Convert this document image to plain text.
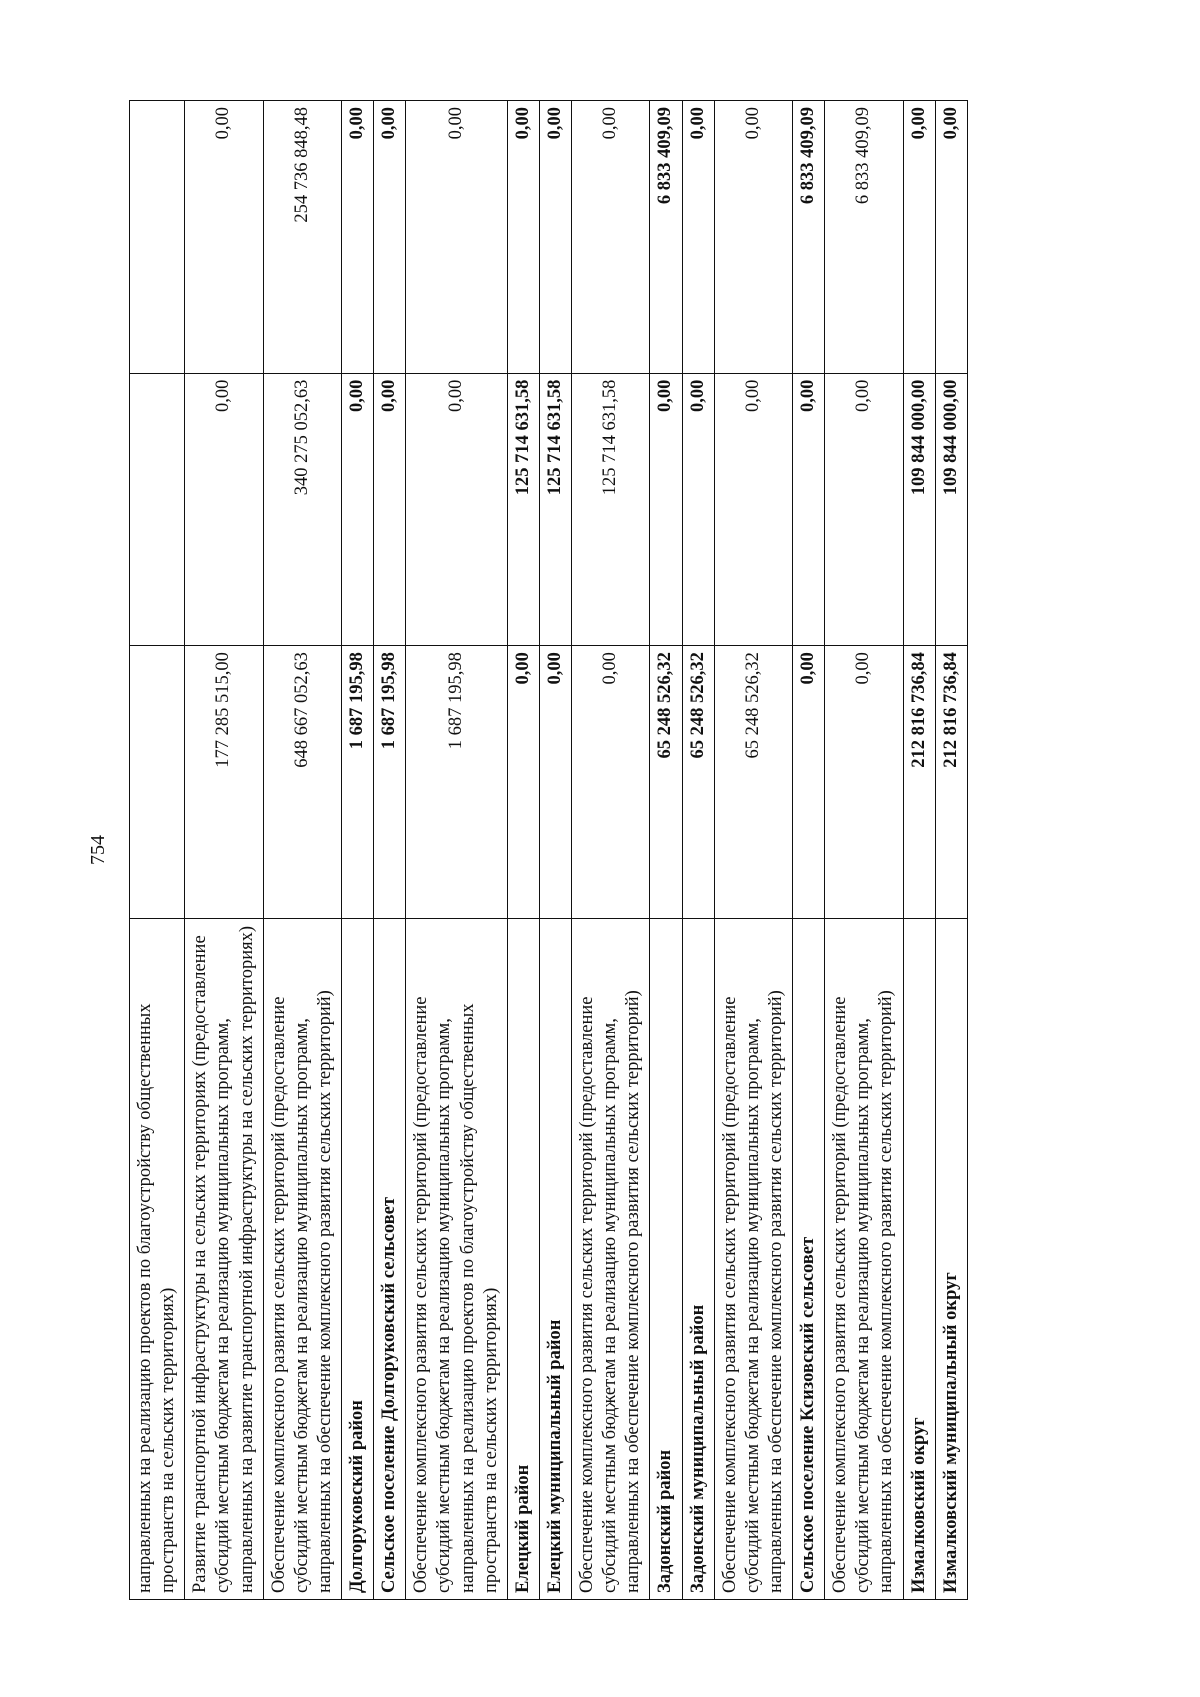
754
направленных на реализацию проектов по благоустройству общественных пространств на сельских территориях)			
Развитие транспортной инфраструктуры на сельских территориях (предоставление субсидий местным бюджетам на реализацию муниципальных программ, направленных на развитие транспортной инфраструктуры на сельских территориях)	177 285 515,00	0,00	0,00
Обеспечение комплексного развития сельских территорий (предоставление субсидий местным бюджетам на реализацию муниципальных программ, направленных на обеспечение комплексного развития сельских территорий)	648 667 052,63	340 275 052,63	254 736 848,48
Долгоруковский район	1 687 195,98	0,00	0,00
Сельское поселение Долгоруковский сельсовет	1 687 195,98	0,00	0,00
Обеспечение комплексного развития сельских территорий (предоставление субсидий местным бюджетам на реализацию муниципальных программ, направленных на реализацию проектов по благоустройству общественных пространств на сельских территориях)	1 687 195,98	0,00	0,00
Елецкий район	0,00	125 714 631,58	0,00
Елецкий муниципальный район	0,00	125 714 631,58	0,00
Обеспечение комплексного развития сельских территорий (предоставление субсидий местным бюджетам на реализацию муниципальных программ, направленных на обеспечение комплексного развития сельских территорий)	0,00	125 714 631,58	0,00
Задонский район	65 248 526,32	0,00	6 833 409,09
Задонский муниципальный район	65 248 526,32	0,00	0,00
Обеспечение комплексного развития сельских территорий (предоставление субсидий местным бюджетам на реализацию муниципальных программ, направленных на обеспечение комплексного развития сельских территорий)	65 248 526,32	0,00	0,00
Сельское поселение Ксизовский сельсовет	0,00	0,00	6 833 409,09
Обеспечение комплексного развития сельских территорий (предоставление субсидий местным бюджетам на реализацию муниципальных программ, направленных на обеспечение комплексного развития сельских территорий)	0,00	0,00	6 833 409,09
Измалковский округ	212 816 736,84	109 844 000,00	0,00
Измалковский муниципальный округ	212 816 736,84	109 844 000,00	0,00
